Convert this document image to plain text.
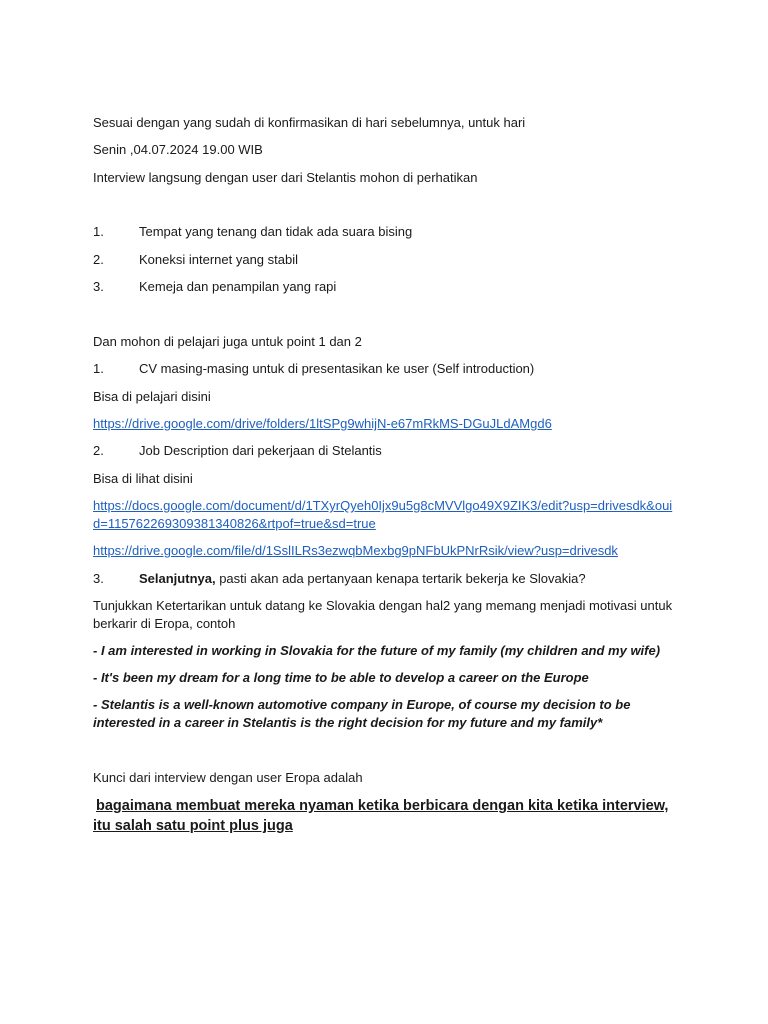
Sesuai dengan yang sudah di konfirmasikan di hari sebelumnya, untuk hari
Senin ,04.07.2024 19.00 WIB
Interview langsung dengan user dari Stelantis mohon di perhatikan
1.	Tempat yang tenang dan tidak ada suara bising
2.	Koneksi internet yang stabil
3.	Kemeja dan penampilan yang rapi
Dan mohon di pelajari juga untuk point 1 dan 2
1.	CV masing-masing untuk di presentasikan ke user (Self introduction)
Bisa di pelajari disini
https://drive.google.com/drive/folders/1ltSPg9whijN-e67mRkMS-DGuJLdAMgd6
2.	Job Description dari pekerjaan di Stelantis
Bisa di lihat disini
https://docs.google.com/document/d/1TXyrQyeh0Ijx9u5g8cMVVlgo49X9ZIK3/edit?usp=drivesdk&ouid=115762269309381340826&rtpof=true&sd=true
https://drive.google.com/file/d/1SslILRs3ezwqbMexbg9pNFbUkPNrRsik/view?usp=drivesdk
3.	Selanjutnya, pasti akan ada pertanyaan kenapa tertarik bekerja ke Slovakia?
Tunjukkan Ketertarikan untuk datang ke Slovakia dengan hal2 yang memang menjadi motivasi untuk berkarir di Eropa, contoh
- I am interested in working in Slovakia for the future of my family (my children and my wife)
- It's been my dream for a long time to be able to develop a career on the Europe
- Stelantis is a well-known automotive company in Europe, of course my decision to be interested in a career in Stelantis is the right decision for my future and my family*
Kunci dari interview dengan user Eropa adalah
bagaimana membuat mereka nyaman ketika berbicara dengan kita ketika interview, itu salah satu point plus juga
